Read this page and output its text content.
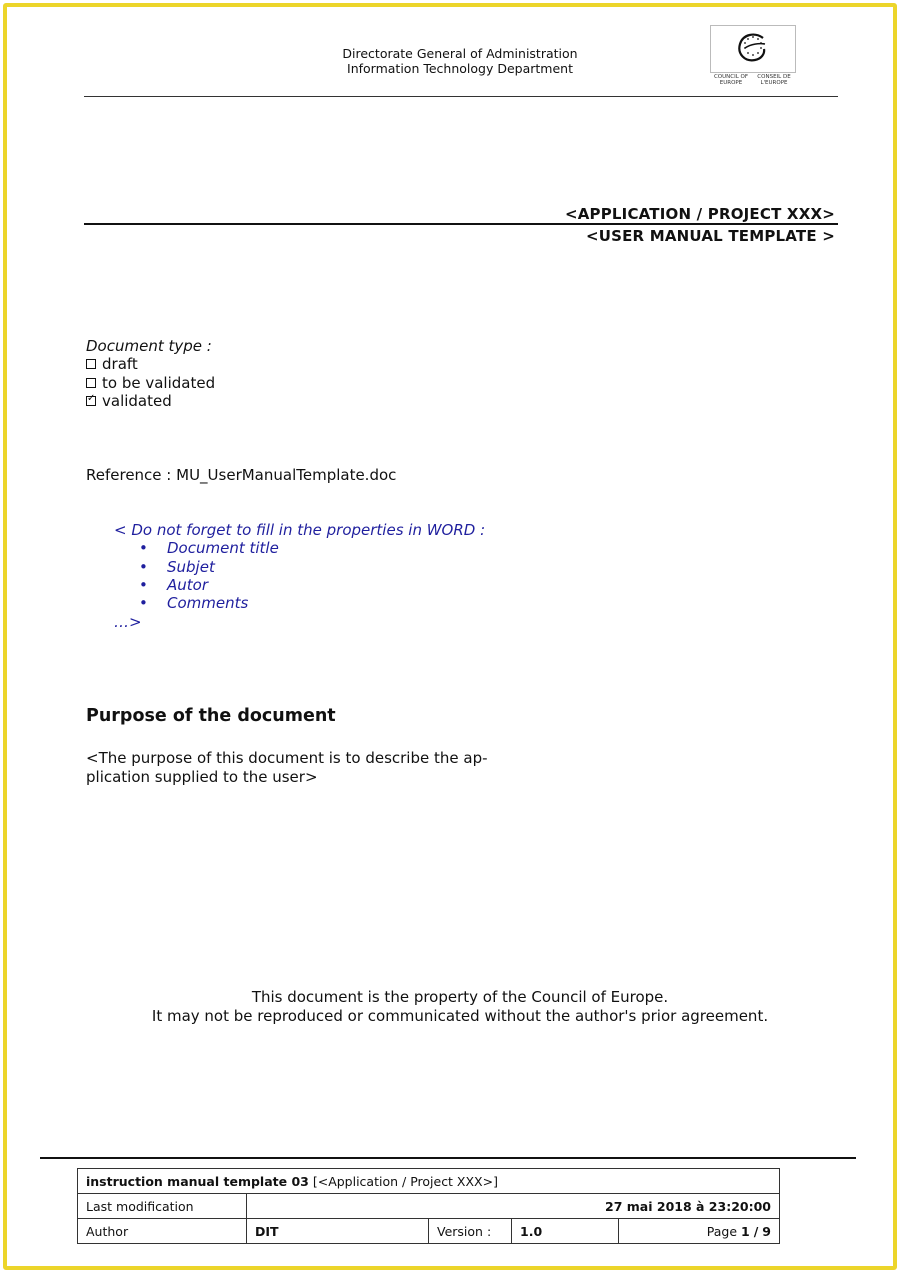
Directorate General of Administration
Information Technology Department
COUNCIL OF EUROPE
CONSEIL DE L'EUROPE
<APPLICATION / PROJECT XXX>
<USER MANUAL TEMPLATE >
Document type :
draft
to be validated
✓ validated
Reference : MU_UserManualTemplate.doc
< Do not forget to fill in the properties in WORD :
•	Document title
•	Subjet
•	Autor
•	Comments
…>
Purpose of the document
<The purpose of this document is to describe the ap-
plication supplied to the user>
This document is the property of the Council of Europe.
It may not be reproduced or communicated without the author's prior agreement.
instruction manual template 03 [<Application / Project XXX>]				
Last modification	27 mai 2018 à 23:20:00			
Author	DIT	Version :	1.0	Page 1 / 9
